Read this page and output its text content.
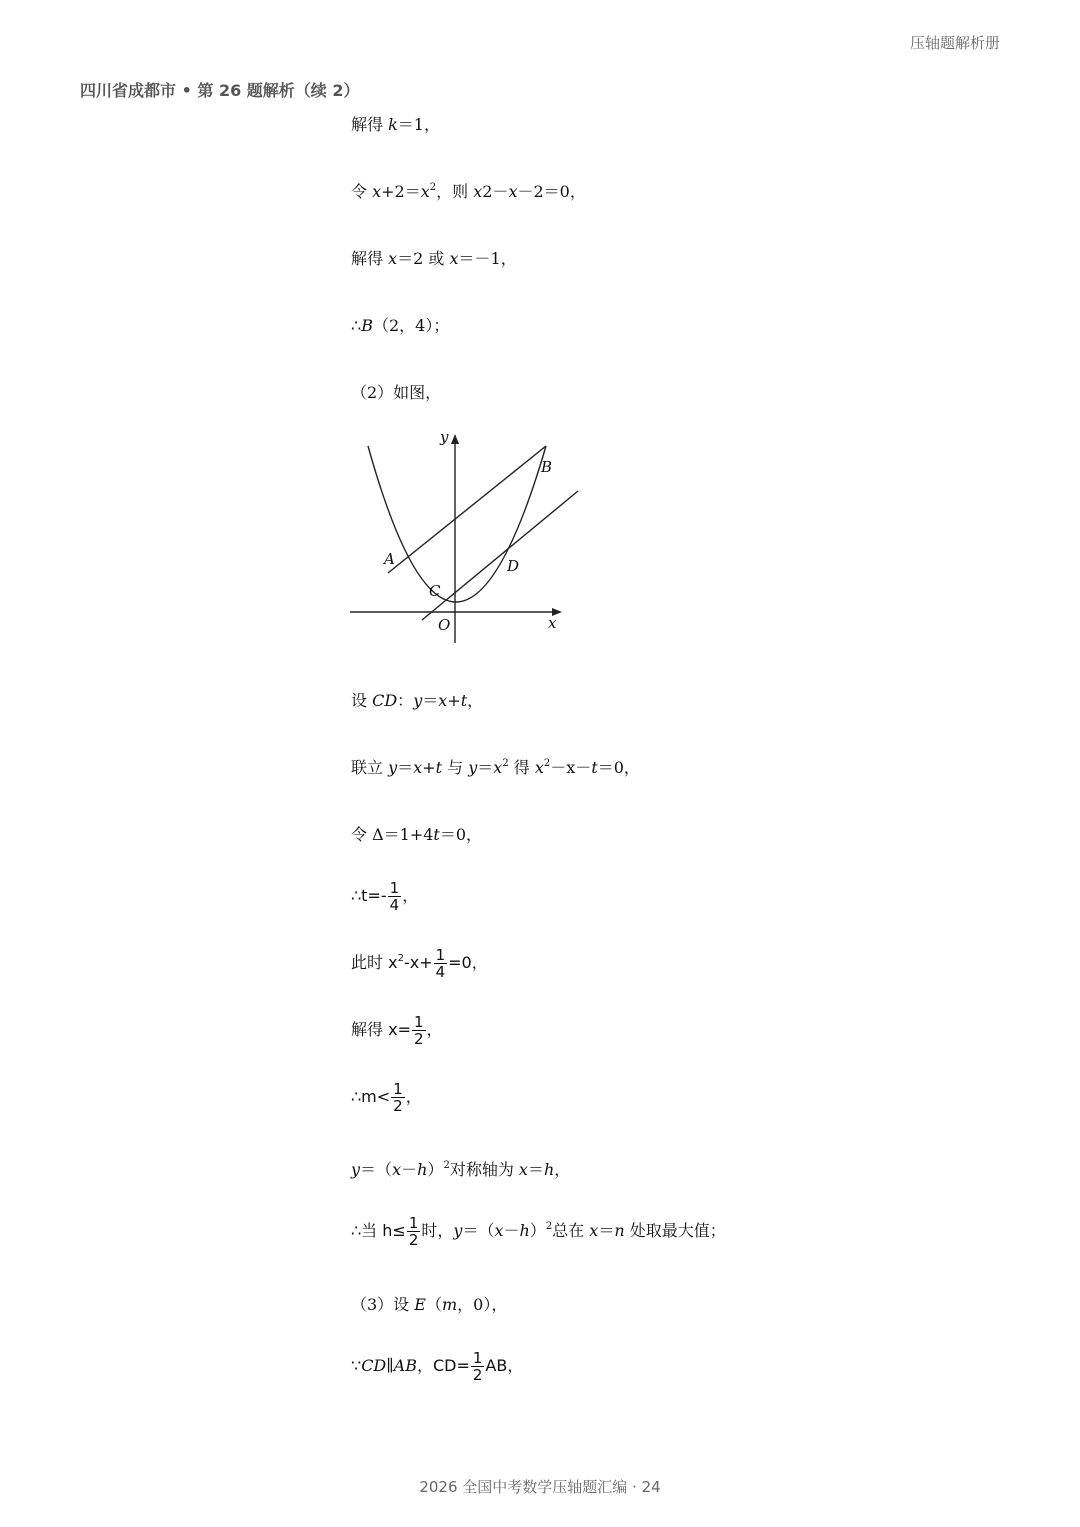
压轴题解析册
四川省成都市 • 第 26 题解析（续 2）
解得 k＝1，
令 $x+2=x^2$，则 x2－x－2＝0，
解得 x＝2 或 x＝－1，
∴B（2，4）；
（2）如图，
y
x
O
A
B
C
D
设 CD：y＝x+t，
联立 y＝x+t 与 $y=x^2$ 得 $x^2-x-t=0$，
令 Δ＝1+4t＝0，
∴t=- $\frac{1}{4}$ ，
此时 $x^2-x+ \frac{1}{4} =0$，
解得 $x= \frac{1}{2}$ ，
∴m< $\frac{1}{2}$ ，
$y=(x-h)^2$对称轴为 x＝h，
∴当 $h\le \frac{1}{2}$ 时，$y=(x-h)^2$总在 x＝n 处取最大值；
（3）设 E（m，0），
∵CD∥AB，$CD= \frac{1}{2}$ AB，
2026 全国中考数学压轴题汇编 · 24
